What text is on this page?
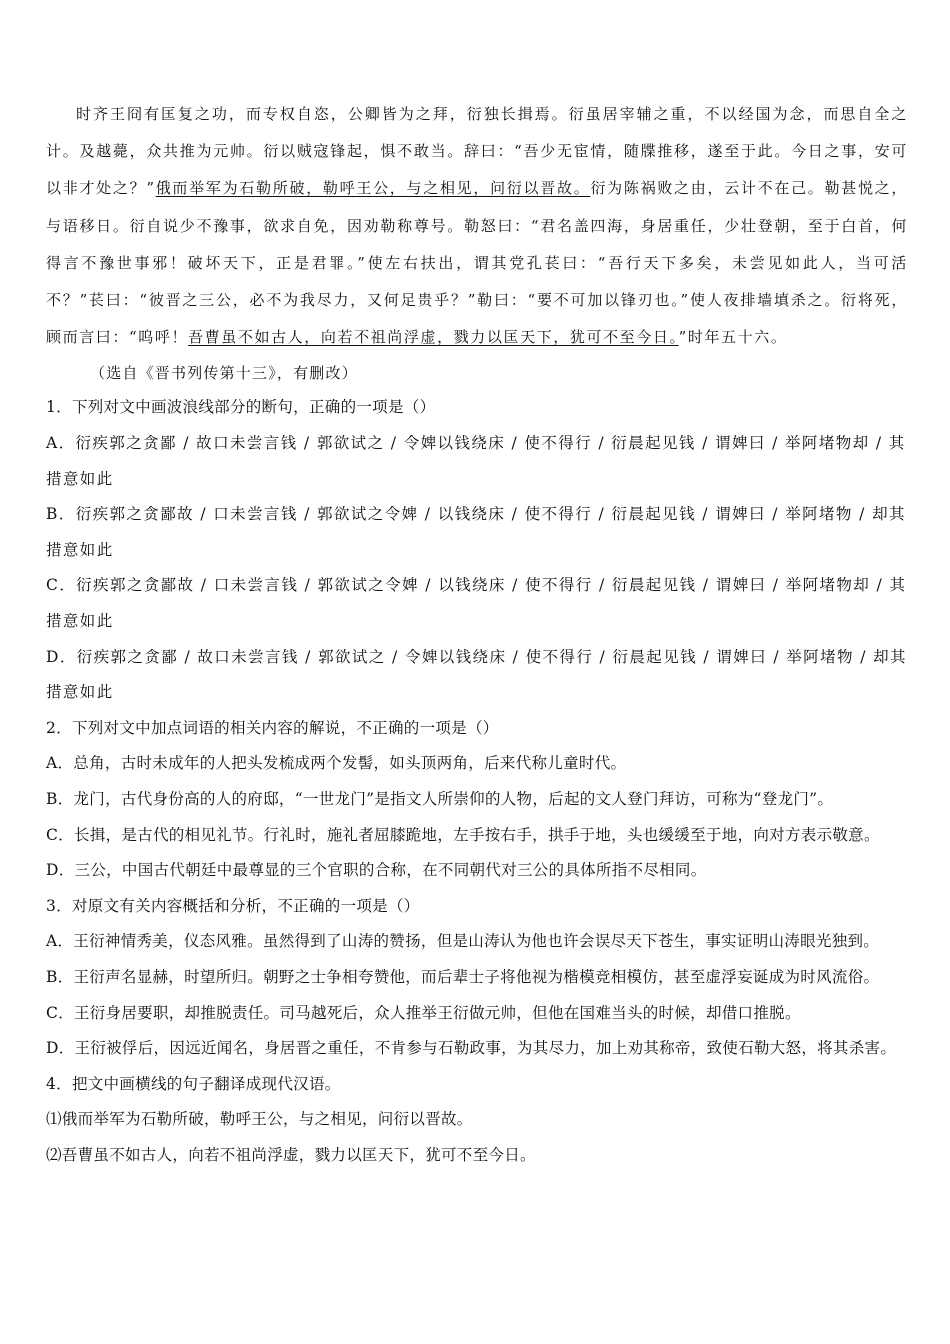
时齐王冏有匡复之功，而专权自恣，公卿皆为之拜，衍独长揖焉。衍虽居宰辅之重，不以经国为念，而思自全之计。及越薨，众共推为元帅。衍以贼寇锋起，惧不敢当。辞曰：“吾少无宦情，随牒推移，遂至于此。今日之事，安可以非才处之？”俄而举军为石勒所破，勒呼王公，与之相见，问衍以晋故。衍为陈祸败之由，云计不在己。勒甚悦之，与语移日。衍自说少不豫事，欲求自免，因劝勒称尊号。勒怒曰：“君名盖四海，身居重任，少壮登朝，至于白首，何得言不豫世事邪！破坏天下，正是君罪。”使左右扶出，谓其党孔苌曰：“吾行天下多矣，未尝见如此人，当可活不？”苌曰：“彼晋之三公，必不为我尽力，又何足贵乎？”勒曰：“要不可加以锋刃也。”使人夜排墙填杀之。衍将死，顾而言曰：“呜呼！吾曹虽不如古人，向若不祖尚浮虚，戮力以匡天下，犹可不至今日。”时年五十六。
（选自《晋书列传第十三》，有删改）
1．下列对文中画波浪线部分的断句，正确的一项是（）
A．衍疾郭之贪鄙 / 故口未尝言钱 / 郭欲试之 / 令婢以钱绕床 / 使不得行 / 衍晨起见钱 / 谓婢曰 / 举阿堵物却 / 其措意如此
B．衍疾郭之贪鄙故 / 口未尝言钱 / 郭欲试之令婢 / 以钱绕床 / 使不得行 / 衍晨起见钱 / 谓婢曰 / 举阿堵物 / 却其措意如此
C．衍疾郭之贪鄙故 / 口未尝言钱 / 郭欲试之令婢 / 以钱绕床 / 使不得行 / 衍晨起见钱 / 谓婢曰 / 举阿堵物却 / 其措意如此
D．衍疾郭之贪鄙 / 故口未尝言钱 / 郭欲试之 / 令婢以钱绕床 / 使不得行 / 衍晨起见钱 / 谓婢曰 / 举阿堵物 / 却其措意如此
2．下列对文中加点词语的相关内容的解说，不正确的一项是（）
A．总角，古时未成年的人把头发梳成两个发髻，如头顶两角，后来代称儿童时代。
B．龙门，古代身份高的人的府邸，“一世龙门”是指文人所崇仰的人物，后起的文人登门拜访，可称为“登龙门”。
C．长揖，是古代的相见礼节。行礼时，施礼者屈膝跪地，左手按右手，拱手于地，头也缓缓至于地，向对方表示敬意。
D．三公，中国古代朝廷中最尊显的三个官职的合称，在不同朝代对三公的具体所指不尽相同。
3．对原文有关内容概括和分析，不正确的一项是（）
A．王衍神情秀美，仪态风雅。虽然得到了山涛的赞扬，但是山涛认为他也许会误尽天下苍生，事实证明山涛眼光独到。
B．王衍声名显赫，时望所归。朝野之士争相夸赞他，而后辈士子将他视为楷模竞相模仿，甚至虚浮妄诞成为时风流俗。
C．王衍身居要职，却推脱责任。司马越死后，众人推举王衍做元帅，但他在国难当头的时候，却借口推脱。
D．王衍被俘后，因远近闻名，身居晋之重任，不肯参与石勒政事，为其尽力，加上劝其称帝，致使石勒大怒，将其杀害。
4．把文中画横线的句子翻译成现代汉语。
⑴俄而举军为石勒所破，勒呼王公，与之相见，问衍以晋故。
⑵吾曹虽不如古人，向若不祖尚浮虚，戮力以匡天下，犹可不至今日。
